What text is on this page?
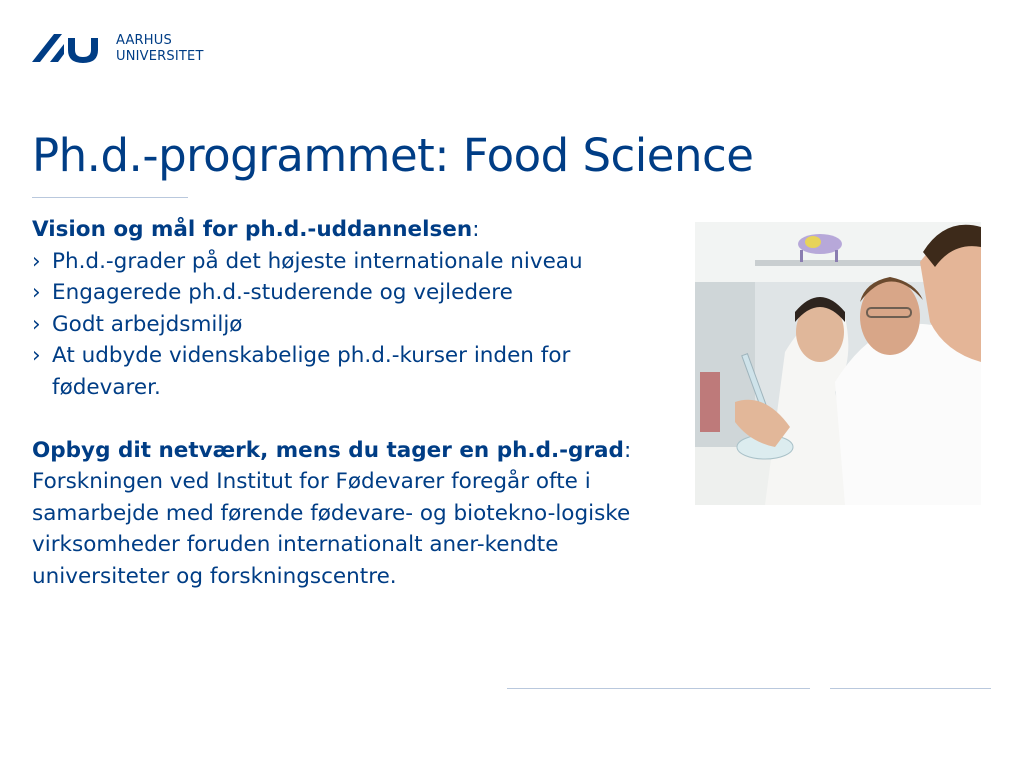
AARHUS
UNIVERSITET
Ph.d.-programmet: Food Science

Vision og mål for ph.d.-uddannelsen:

› Ph.d.-grader på det højeste internationale niveau
› Engagerede ph.d.-studerende og vejledere
› Godt arbejdsmiljø
› At udbyde videnskabelige ph.d.-kurser inden for fødevarer.

Opbyg dit netværk, mens du tager en ph.d.-grad:

Forskningen ved Institut for Fødevarer foregår ofte i samarbejde med førende fødevare- og biotekno-logiske virksomheder foruden internationalt aner-kendte universiteter og forskningscentre.
